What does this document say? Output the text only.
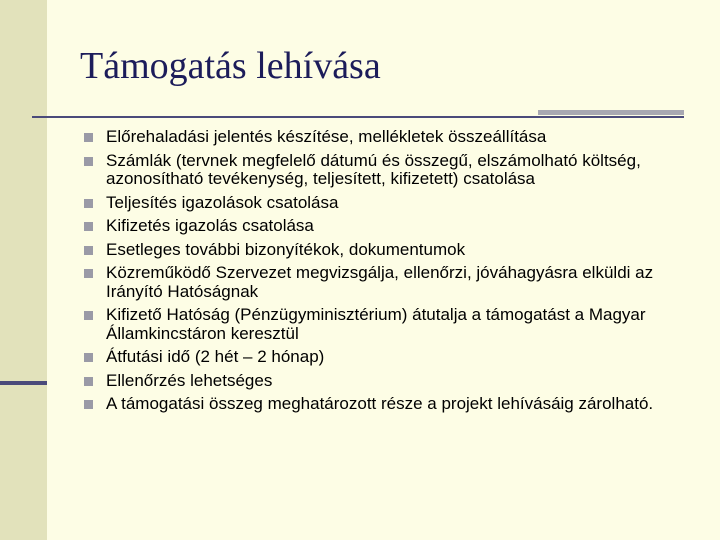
Támogatás lehívása
Előrehaladási jelentés készítése, mellékletek összeállítása
Számlák (tervnek megfelelő dátumú és összegű, elszámolható költség, azonosítható tevékenység, teljesített, kifizetett) csatolása
Teljesítés igazolások csatolása
Kifizetés igazolás csatolása
Esetleges további bizonyítékok, dokumentumok
Közreműködő Szervezet megvizsgálja, ellenőrzi, jóváhagyásra elküldi az Irányító Hatóságnak
Kifizető Hatóság (Pénzügyminisztérium) átutalja a támogatást a Magyar Államkincstáron keresztül
Átfutási idő (2 hét – 2 hónap)
Ellenőrzés lehetséges
A támogatási összeg meghatározott része a projekt lehívásáig zárolható.
